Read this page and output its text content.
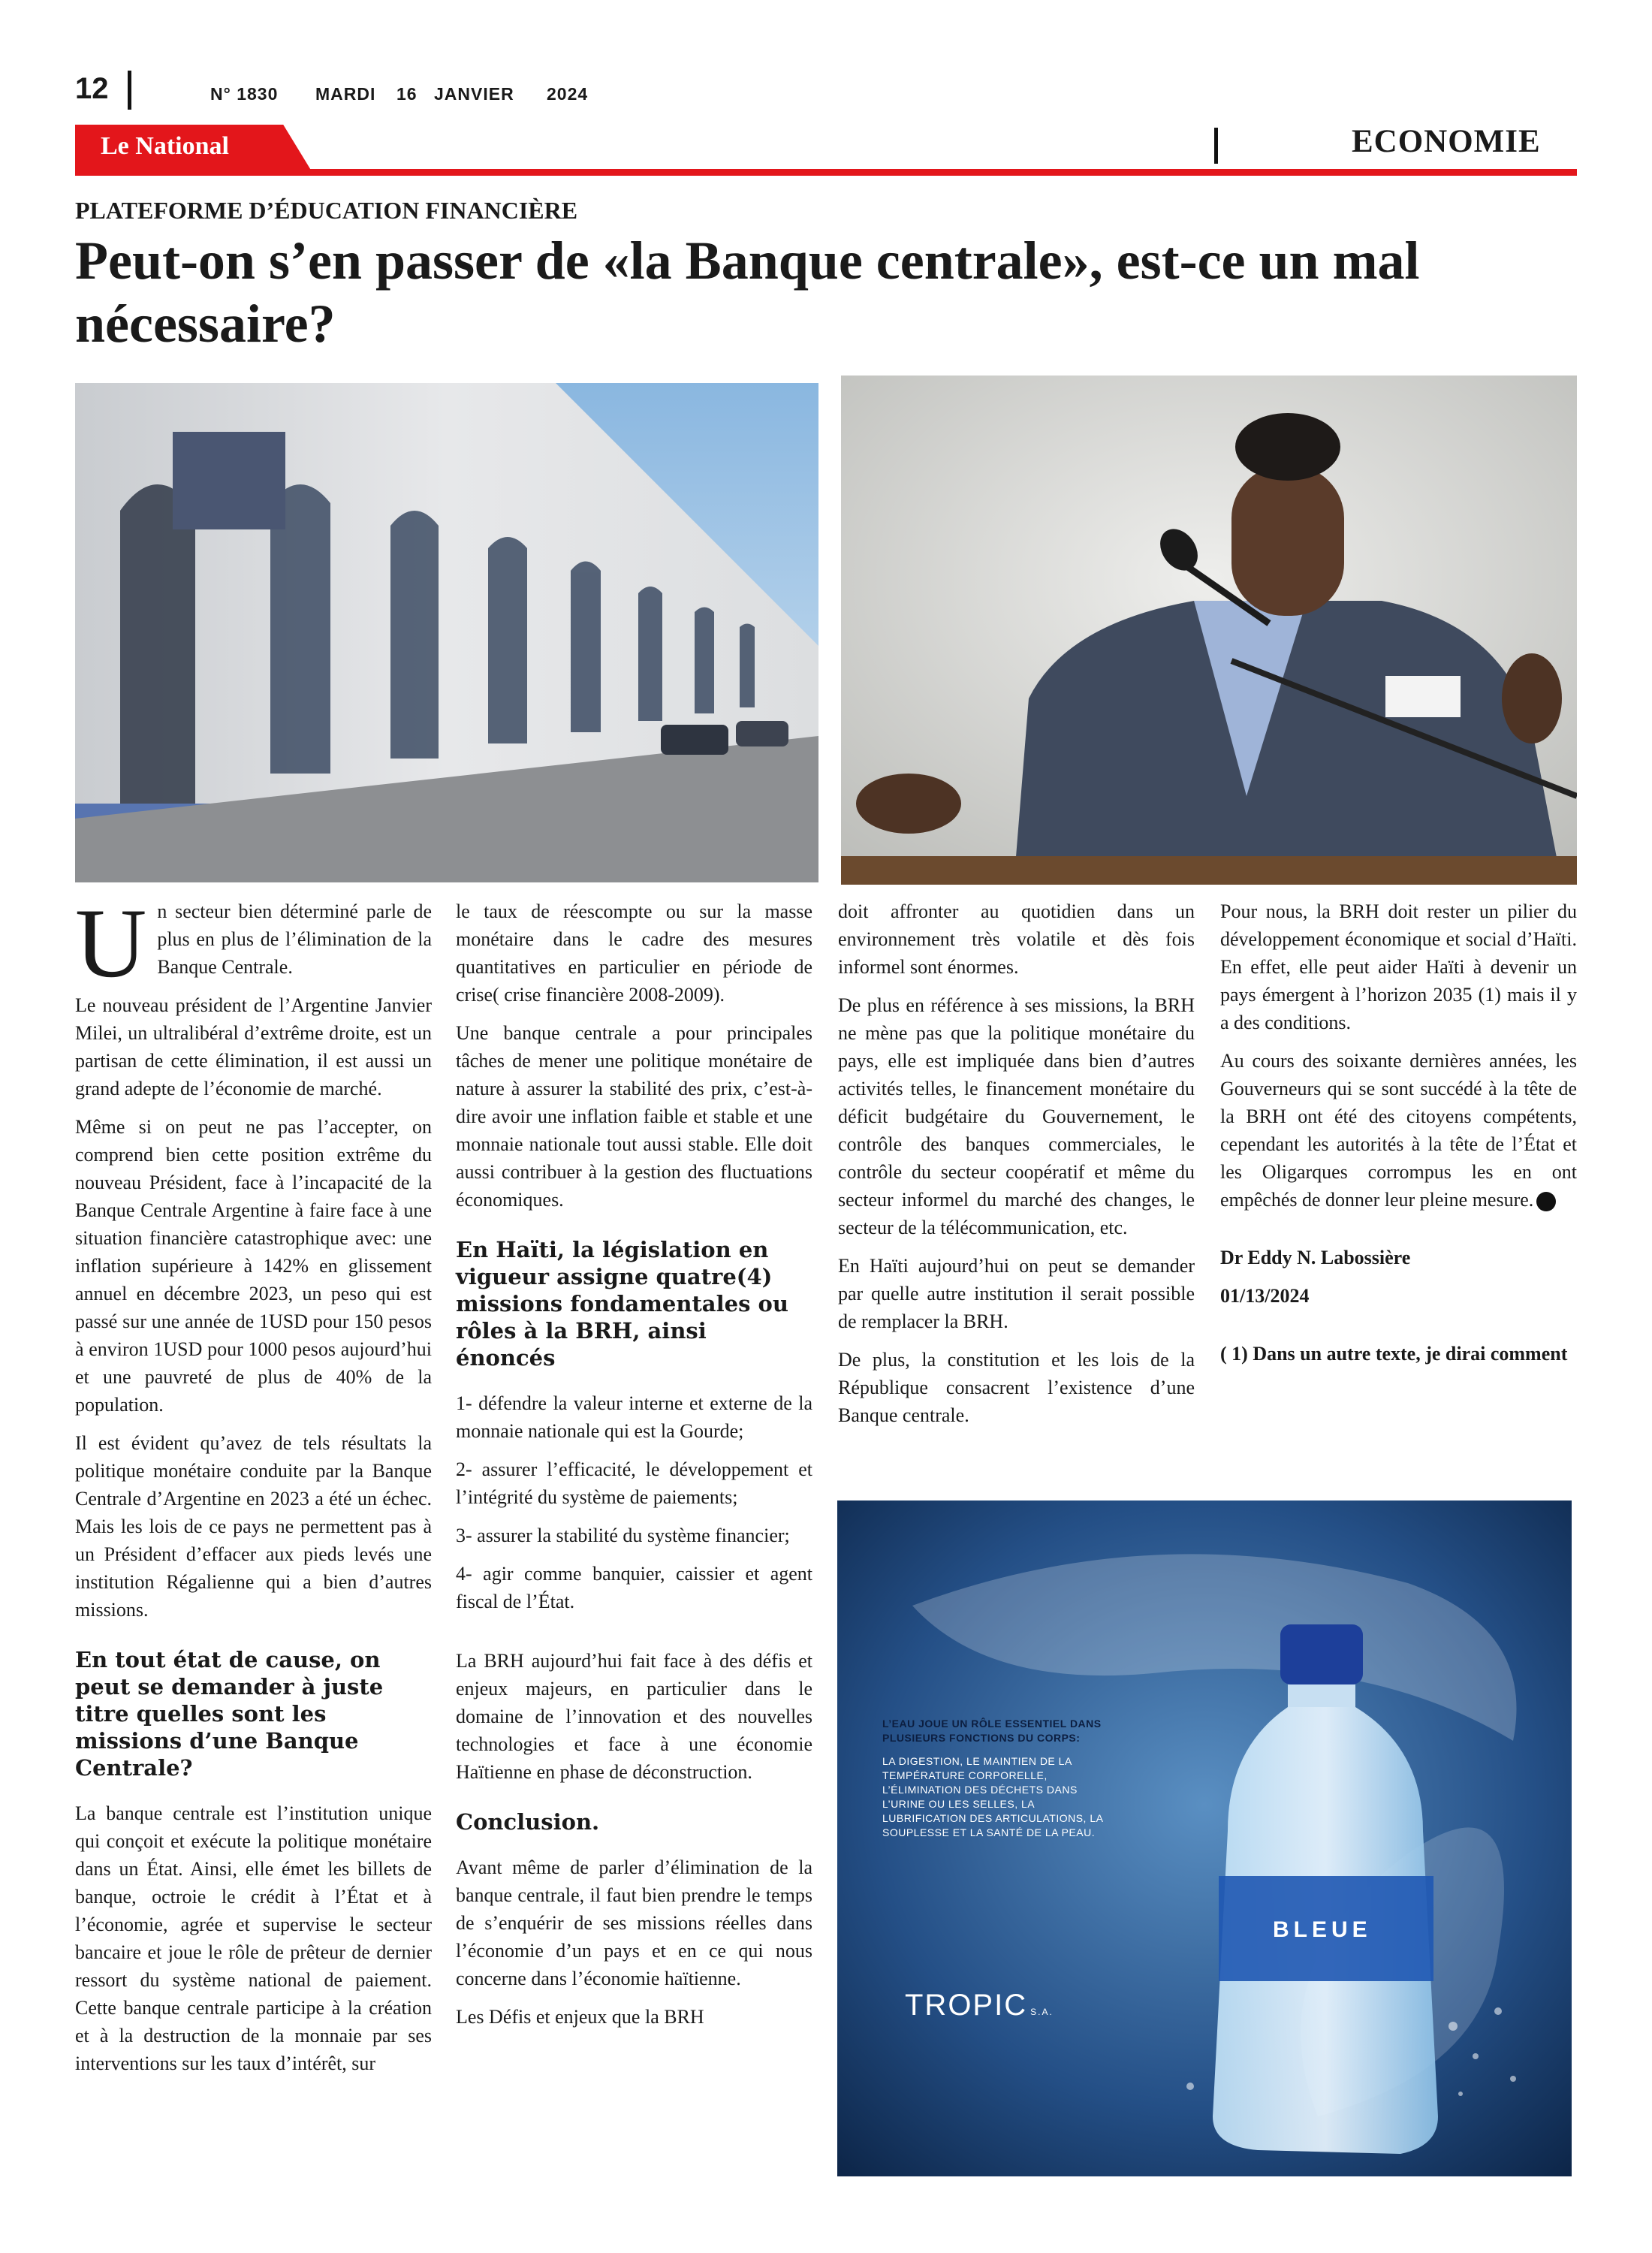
12	N° 1830 MARDI 16 JANVIER 2024
Le National	ECONOMIE
PLATEFORME D’ÉDUCATION FINANCIÈRE
Peut-on s’en passer de «la Banque centrale», est-ce un mal nécessaire?

Un secteur bien déterminé parle de plus en plus de l’élimination de la Banque Centrale.

Le nouveau président de l’Argentine Janvier Milei, un ultralibéral d’extrême droite, est un partisan de cette élimination, il est aussi un grand adepte de l’économie de marché.

Même si on peut ne pas l’accepter, on comprend bien cette position extrême du nouveau Président, face à l’incapacité de la Banque Centrale Argentine à faire face à une situation financière catastrophique avec: une inflation supérieure à 142% en glissement annuel en décembre 2023, un peso qui est passé sur une année de 1USD pour 150 pesos à environ 1USD pour 1000 pesos aujourd’hui et une pauvreté de plus de 40% de la population.

Il est évident qu’avez de tels résultats la politique monétaire conduite par la Banque Centrale d’Argentine en 2023 a été un échec. Mais les lois de ce pays ne permettent pas à un Président d’effacer aux pieds levés une institution Régalienne qui a bien d’autres missions.

En tout état de cause, on peut se demander à juste titre quelles sont les missions d’une Banque Centrale?

La banque centrale est l’institution unique qui conçoit et exécute la politique monétaire dans un État. Ainsi, elle émet les billets de banque, octroie le crédit à l’État et à l’économie, agrée et supervise le secteur bancaire et joue le rôle de prêteur de dernier ressort du système national de paiement. Cette banque centrale participe à la création et à la destruction de la monnaie par ses interventions sur les taux d’intérêt, sur

le taux de réescompte ou sur la masse monétaire dans le cadre des mesures quantitatives en particulier en période de crise( crise financière 2008-2009).

Une banque centrale a pour principales tâches de mener une politique monétaire de nature à assurer la stabilité des prix, c’est-à-dire avoir une inflation faible et stable et une monnaie nationale tout aussi stable. Elle doit aussi contribuer à la gestion des fluctuations économiques.

En Haïti, la législation en vigueur assigne quatre(4) missions fondamentales ou rôles à la BRH, ainsi énoncés

1- défendre la valeur interne et externe de la monnaie nationale qui est la Gourde;

2- assurer l’efficacité, le développement et l’intégrité du système de paiements;

3- assurer la stabilité du système financier;

4- agir comme banquier, caissier et agent fiscal de l’État.

La BRH aujourd’hui fait face à des défis et enjeux majeurs, en particulier dans le domaine de l’innovation et des nouvelles technologies et face à une économie Haïtienne en phase de déconstruction.

Conclusion.

Avant même de parler d’élimination de la banque centrale, il faut bien prendre le temps de s’enquérir de ses missions réelles dans l’économie d’un pays et en ce qui nous concerne dans l’économie haïtienne.

Les Défis et enjeux que la BRH

doit affronter au quotidien dans un environnement très volatile et dès fois informel sont énormes.

De plus en référence à ses missions, la BRH ne mène pas que la politique monétaire du pays, elle est impliquée dans bien d’autres activités telles, le financement monétaire du déficit budgétaire du Gouvernement, le contrôle des banques commerciales, le contrôle du secteur coopératif et même du secteur informel du marché des changes, le secteur de la télécommunication, etc.

En Haïti aujourd’hui on peut se demander par quelle autre institution il serait possible de remplacer la BRH.

De plus, la constitution et les lois de la République consacrent l’existence d’une Banque centrale.

Pour nous, la BRH doit rester un pilier du développement économique et social d’Haïti. En effet, elle peut aider Haïti à devenir un pays émergent à l’horizon 2035 (1) mais il y a des conditions.

Au cours des soixante dernières années, les Gouverneurs qui se sont succédé à la tête de la BRH ont été des citoyens compétents, cependant les autorités à la tête de l’État et les Oligarques corrompus les en ont empêchés de donner leur pleine mesure.

Dr Eddy N. Labossière

01/13/2024

( 1) Dans un autre texte, je dirai comment

L’EAU JOUE UN RÔLE ESSENTIEL DANS
PLUSIEURS FONCTIONS DU CORPS:
LA DIGESTION, LE MAINTIEN DE LA
TEMPÉRATURE CORPORELLE,
L’ÉLIMINATION DES DÉCHETS DANS
L’URINE OU LES SELLES, LA
LUBRIFICATION DES ARTICULATIONS, LA
SOUPLESSE ET LA SANTÉ DE LA PEAU.
BLEUE
TROPIC S.A.
